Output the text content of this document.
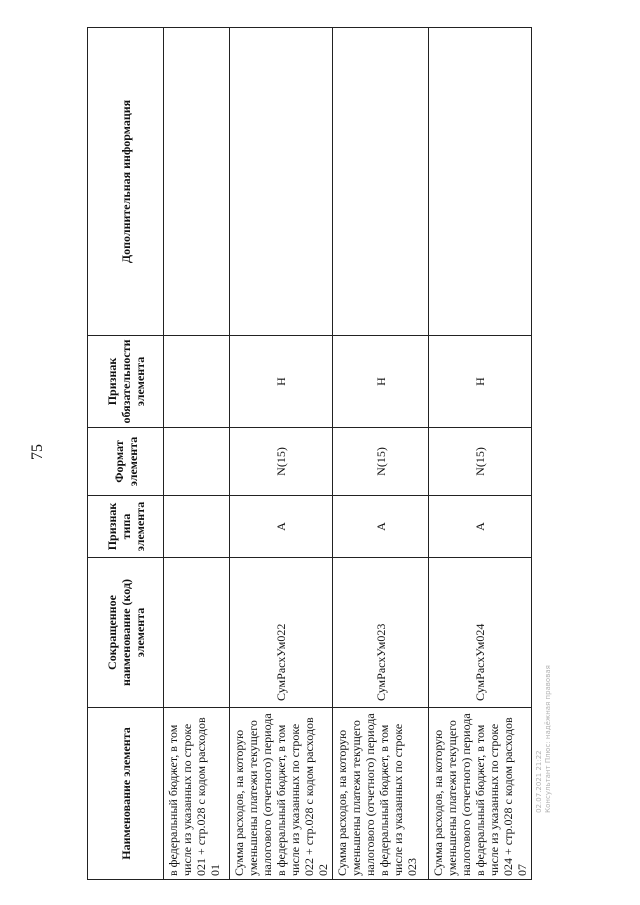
75
02.07.2021 21:22 Консультант Плюс: надёжная правовая
Наименование элемента	Сокращенное наименование (код) элемента	Признак типа элемента	Формат элемента	Признак обязательности элемента	Дополнительная информация
в федеральный бюджет, в том числе из указанных по строке 021 + стр.028 с кодом расходов 01					
Сумма расходов, на которую уменьшены платежи текущего налогового (отчетного) периода в федеральный бюджет, в том числе из указанных по строке 022 + стр.028 с кодом расходов 02	СумРасхУм022	А	N(15)	Н	
Сумма расходов, на которую уменьшены платежи текущего налогового (отчетного) периода в федеральный бюджет, в том числе из указанных по строке 023	СумРасхУм023	А	N(15)	Н	
Сумма расходов, на которую уменьшены платежи текущего налогового (отчетного) периода в федеральный бюджет, в том числе из указанных по строке 024 + стр.028 с кодом расходов 07	СумРасхУм024	А	N(15)	Н	
